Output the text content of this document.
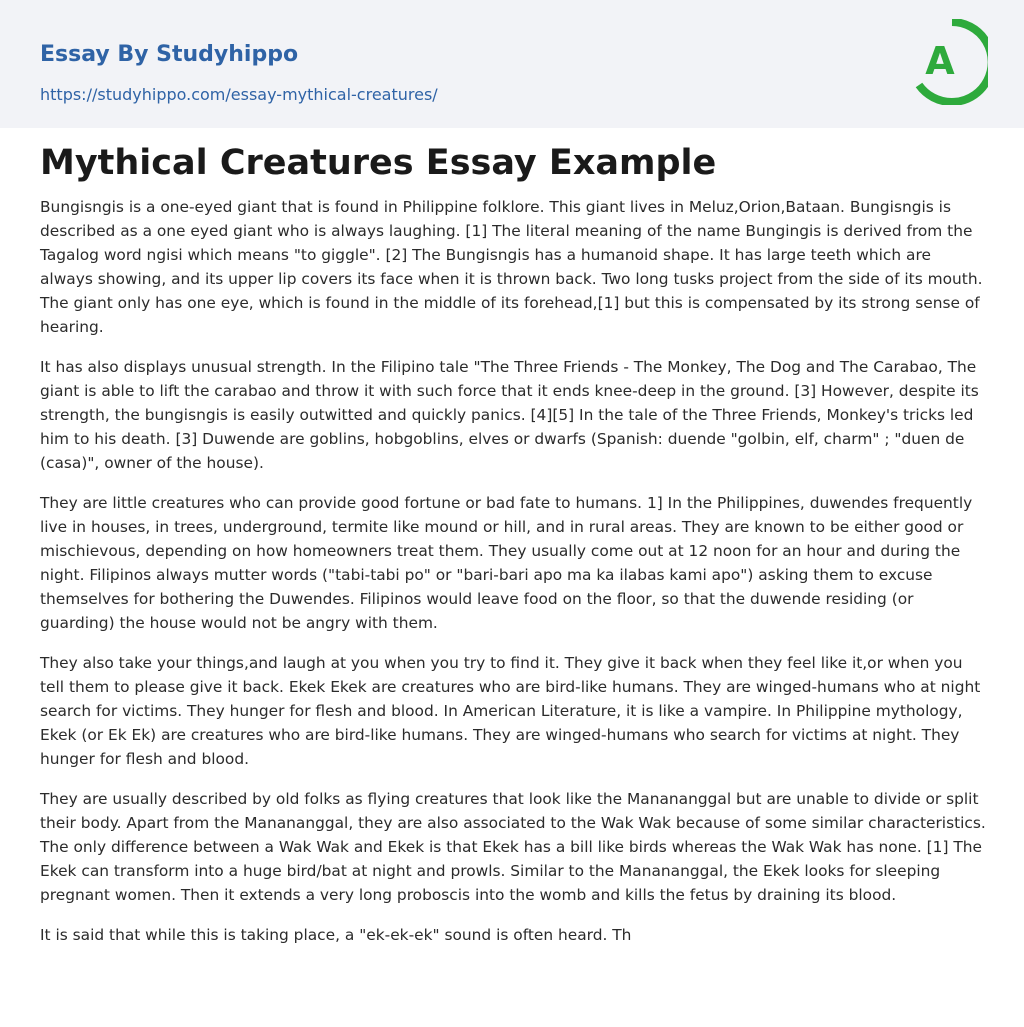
Essay By Studyhippo
https://studyhippo.com/essay-mythical-creatures/
A
Mythical Creatures Essay Example

Bungisngis is a one-eyed giant that is found in Philippine folklore. This giant lives in Meluz,Orion,Bataan. Bungisngis is described as a one eyed giant who is always laughing. [1] The literal meaning of the name Bungingis is derived from the Tagalog word ngisi which means "to giggle". [2] The Bungisngis has a humanoid shape. It has large teeth which are always showing, and its upper lip covers its face when it is thrown back. Two long tusks project from the side of its mouth. The giant only has one eye, which is found in the middle of its forehead,[1] but this is compensated by its strong sense of hearing.

It has also displays unusual strength. In the Filipino tale "The Three Friends - The Monkey, The Dog and The Carabao, The giant is able to lift the carabao and throw it with such force that it ends knee-deep in the ground. [3] However, despite its strength, the bungisngis is easily outwitted and quickly panics. [4][5] In the tale of the Three Friends, Monkey's tricks led him to his death. [3] Duwende are goblins, hobgoblins, elves or dwarfs (Spanish: duende "golbin, elf, charm" ; "duen de (casa)", owner of the house).

They are little creatures who can provide good fortune or bad fate to humans. 1] In the Philippines, duwendes frequently live in houses, in trees, underground, termite like mound or hill, and in rural areas. They are known to be either good or mischievous, depending on how homeowners treat them. They usually come out at 12 noon for an hour and during the night. Filipinos always mutter words ("tabi-tabi po" or "bari-bari apo ma ka ilabas kami apo") asking them to excuse themselves for bothering the Duwendes. Filipinos would leave food on the floor, so that the duwende residing (or guarding) the house would not be angry with them.

They also take your things,and laugh at you when you try to find it. They give it back when they feel like it,or when you tell them to please give it back. Ekek Ekek are creatures who are bird-like humans. They are winged-humans who at night search for victims. They hunger for flesh and blood. In American Literature, it is like a vampire. In Philippine mythology, Ekek (or Ek Ek) are creatures who are bird-like humans. They are winged-humans who search for victims at night. They hunger for flesh and blood.

They are usually described by old folks as flying creatures that look like the Manananggal but are unable to divide or split their body. Apart from the Manananggal, they are also associated to the Wak Wak because of some similar characteristics. The only difference between a Wak Wak and Ekek is that Ekek has a bill like birds whereas the Wak Wak has none. [1] The Ekek can transform into a huge bird/bat at night and prowls. Similar to the Manananggal, the Ekek looks for sleeping pregnant women. Then it extends a very long proboscis into the womb and kills the fetus by draining its blood.

It is said that while this is taking place, a "ek-ek-ek" sound is often heard. Th
